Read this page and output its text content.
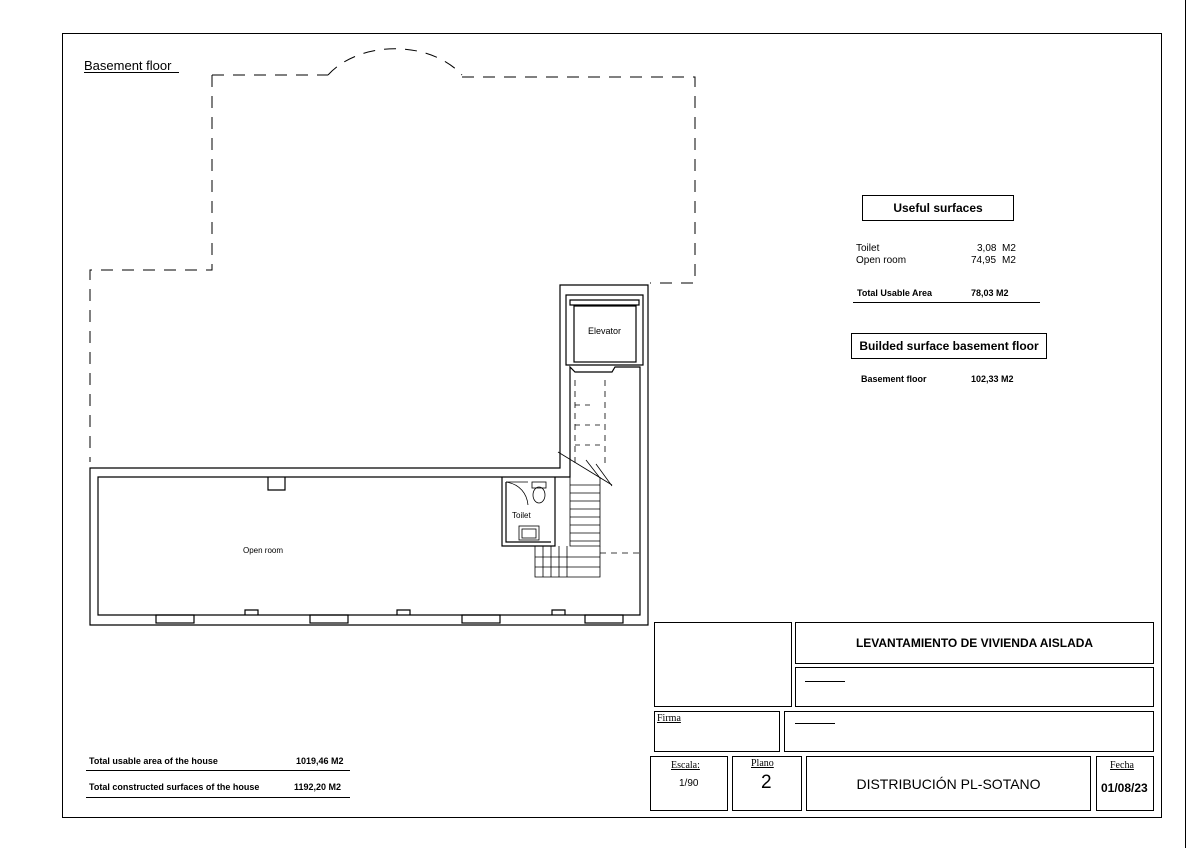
Basement floor
Open room
Toilet
Elevator
Useful surfaces
Toilet	3,08 M2
Open room	74,95 M2
Total Usable Area	78,03 M2
Builded surface basement floor
Basement floor	102,33 M2
Total usable area of the house	1019,46 M2
Total constructed surfaces of the house	1192,20 M2
LEVANTAMIENTO DE VIVIENDA AISLADA
Firma
Escala:
1/90
Plano
2	DISTRIBUCIÓN PL-SOTANO
Fecha
01/08/23
